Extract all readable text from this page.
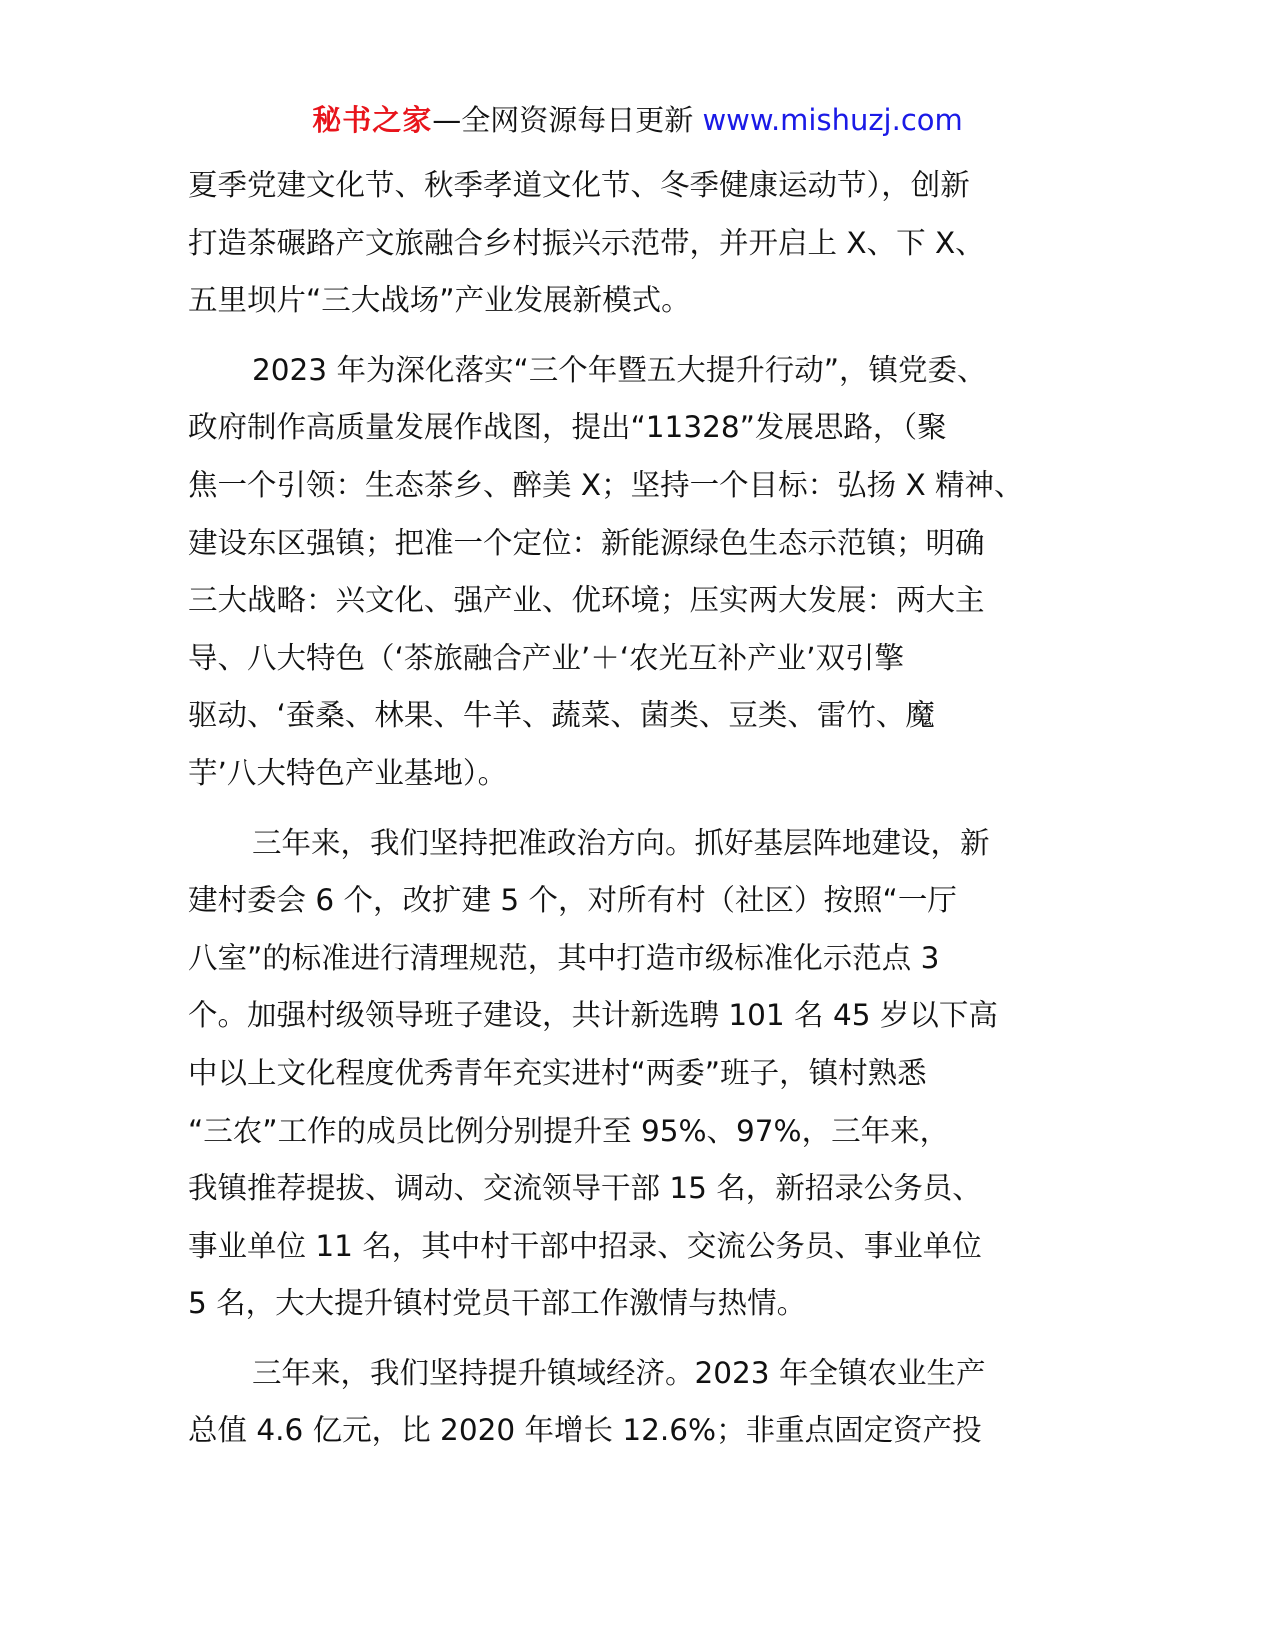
秘书之家—全网资源每日更新 www.mishuzj.com
夏季党建文化节、秋季孝道文化节、冬季健康运动节），创新
打造茶碾路产文旅融合乡村振兴示范带，并开启上 X、下 X、
五里坝片“三大战场”产业发展新模式。
2023 年为深化落实“三个年暨五大提升行动”，镇党委、
政府制作高质量发展作战图，提出“11328”发展思路，（聚
焦一个引领：生态茶乡、醉美 X；坚持一个目标：弘扬 X 精神、
建设东区强镇；把准一个定位：新能源绿色生态示范镇；明确
三大战略：兴文化、强产业、优环境；压实两大发展：两大主
导、八大特色（‘茶旅融合产业’＋‘农光互补产业’双引擎
驱动、‘蚕桑、林果、牛羊、蔬菜、菌类、豆类、雷竹、魔
芋’八大特色产业基地）。
三年来，我们坚持把准政治方向。抓好基层阵地建设，新
建村委会 6 个，改扩建 5 个，对所有村（社区）按照“一厅
八室”的标准进行清理规范，其中打造市级标准化示范点 3
个。加强村级领导班子建设，共计新选聘 101 名 45 岁以下高
中以上文化程度优秀青年充实进村“两委”班子，镇村熟悉
“三农”工作的成员比例分别提升至 95%、97%，三年来，
我镇推荐提拔、调动、交流领导干部 15 名，新招录公务员、
事业单位 11 名，其中村干部中招录、交流公务员、事业单位
5 名，大大提升镇村党员干部工作激情与热情。
三年来，我们坚持提升镇域经济。2023 年全镇农业生产
总值 4.6 亿元，比 2020 年增长 12.6%；非重点固定资产投
